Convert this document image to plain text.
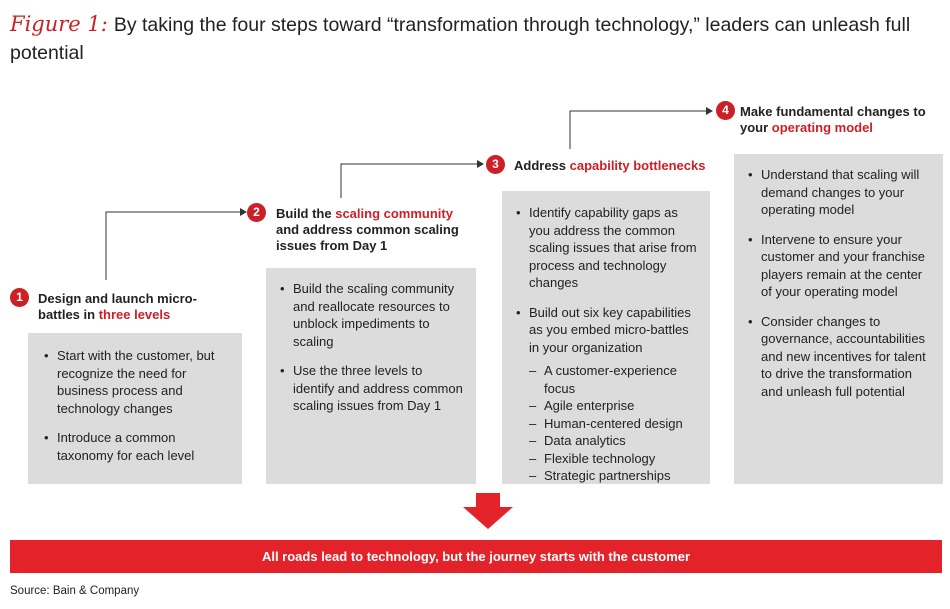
Figure 1: By taking the four steps toward “transformation through technology,” leaders can unleash full potential
1	Design and launch micro-battles in three levels
• Start with the customer, but recognize the need for business process and technology changes
• Introduce a common taxonomy for each level
2	Build the scaling community and address common scaling issues from Day 1
• Build the scaling community and reallocate resources to unblock impediments to scaling
• Use the three levels to identify and address common scaling issues from Day 1
3	Address capability bottlenecks
• Identify capability gaps as you address the common scaling issues that arise from process and technology changes
• Build out six key capabilities as you embed micro-battles in your organization
– A customer-experience focus
– Agile enterprise
– Human-centered design
– Data analytics
– Flexible technology
– Strategic partnerships
4 Make fundamental changes to your operating model
• Understand that scaling will demand changes to your operating model
• Intervene to ensure your customer and your franchise players remain at the center of your operating model
• Consider changes to governance, accountabilities and new incentives for talent to drive the transformation and unleash full potential
All roads lead to technology, but the journey starts with the customer
Source: Bain & Company
